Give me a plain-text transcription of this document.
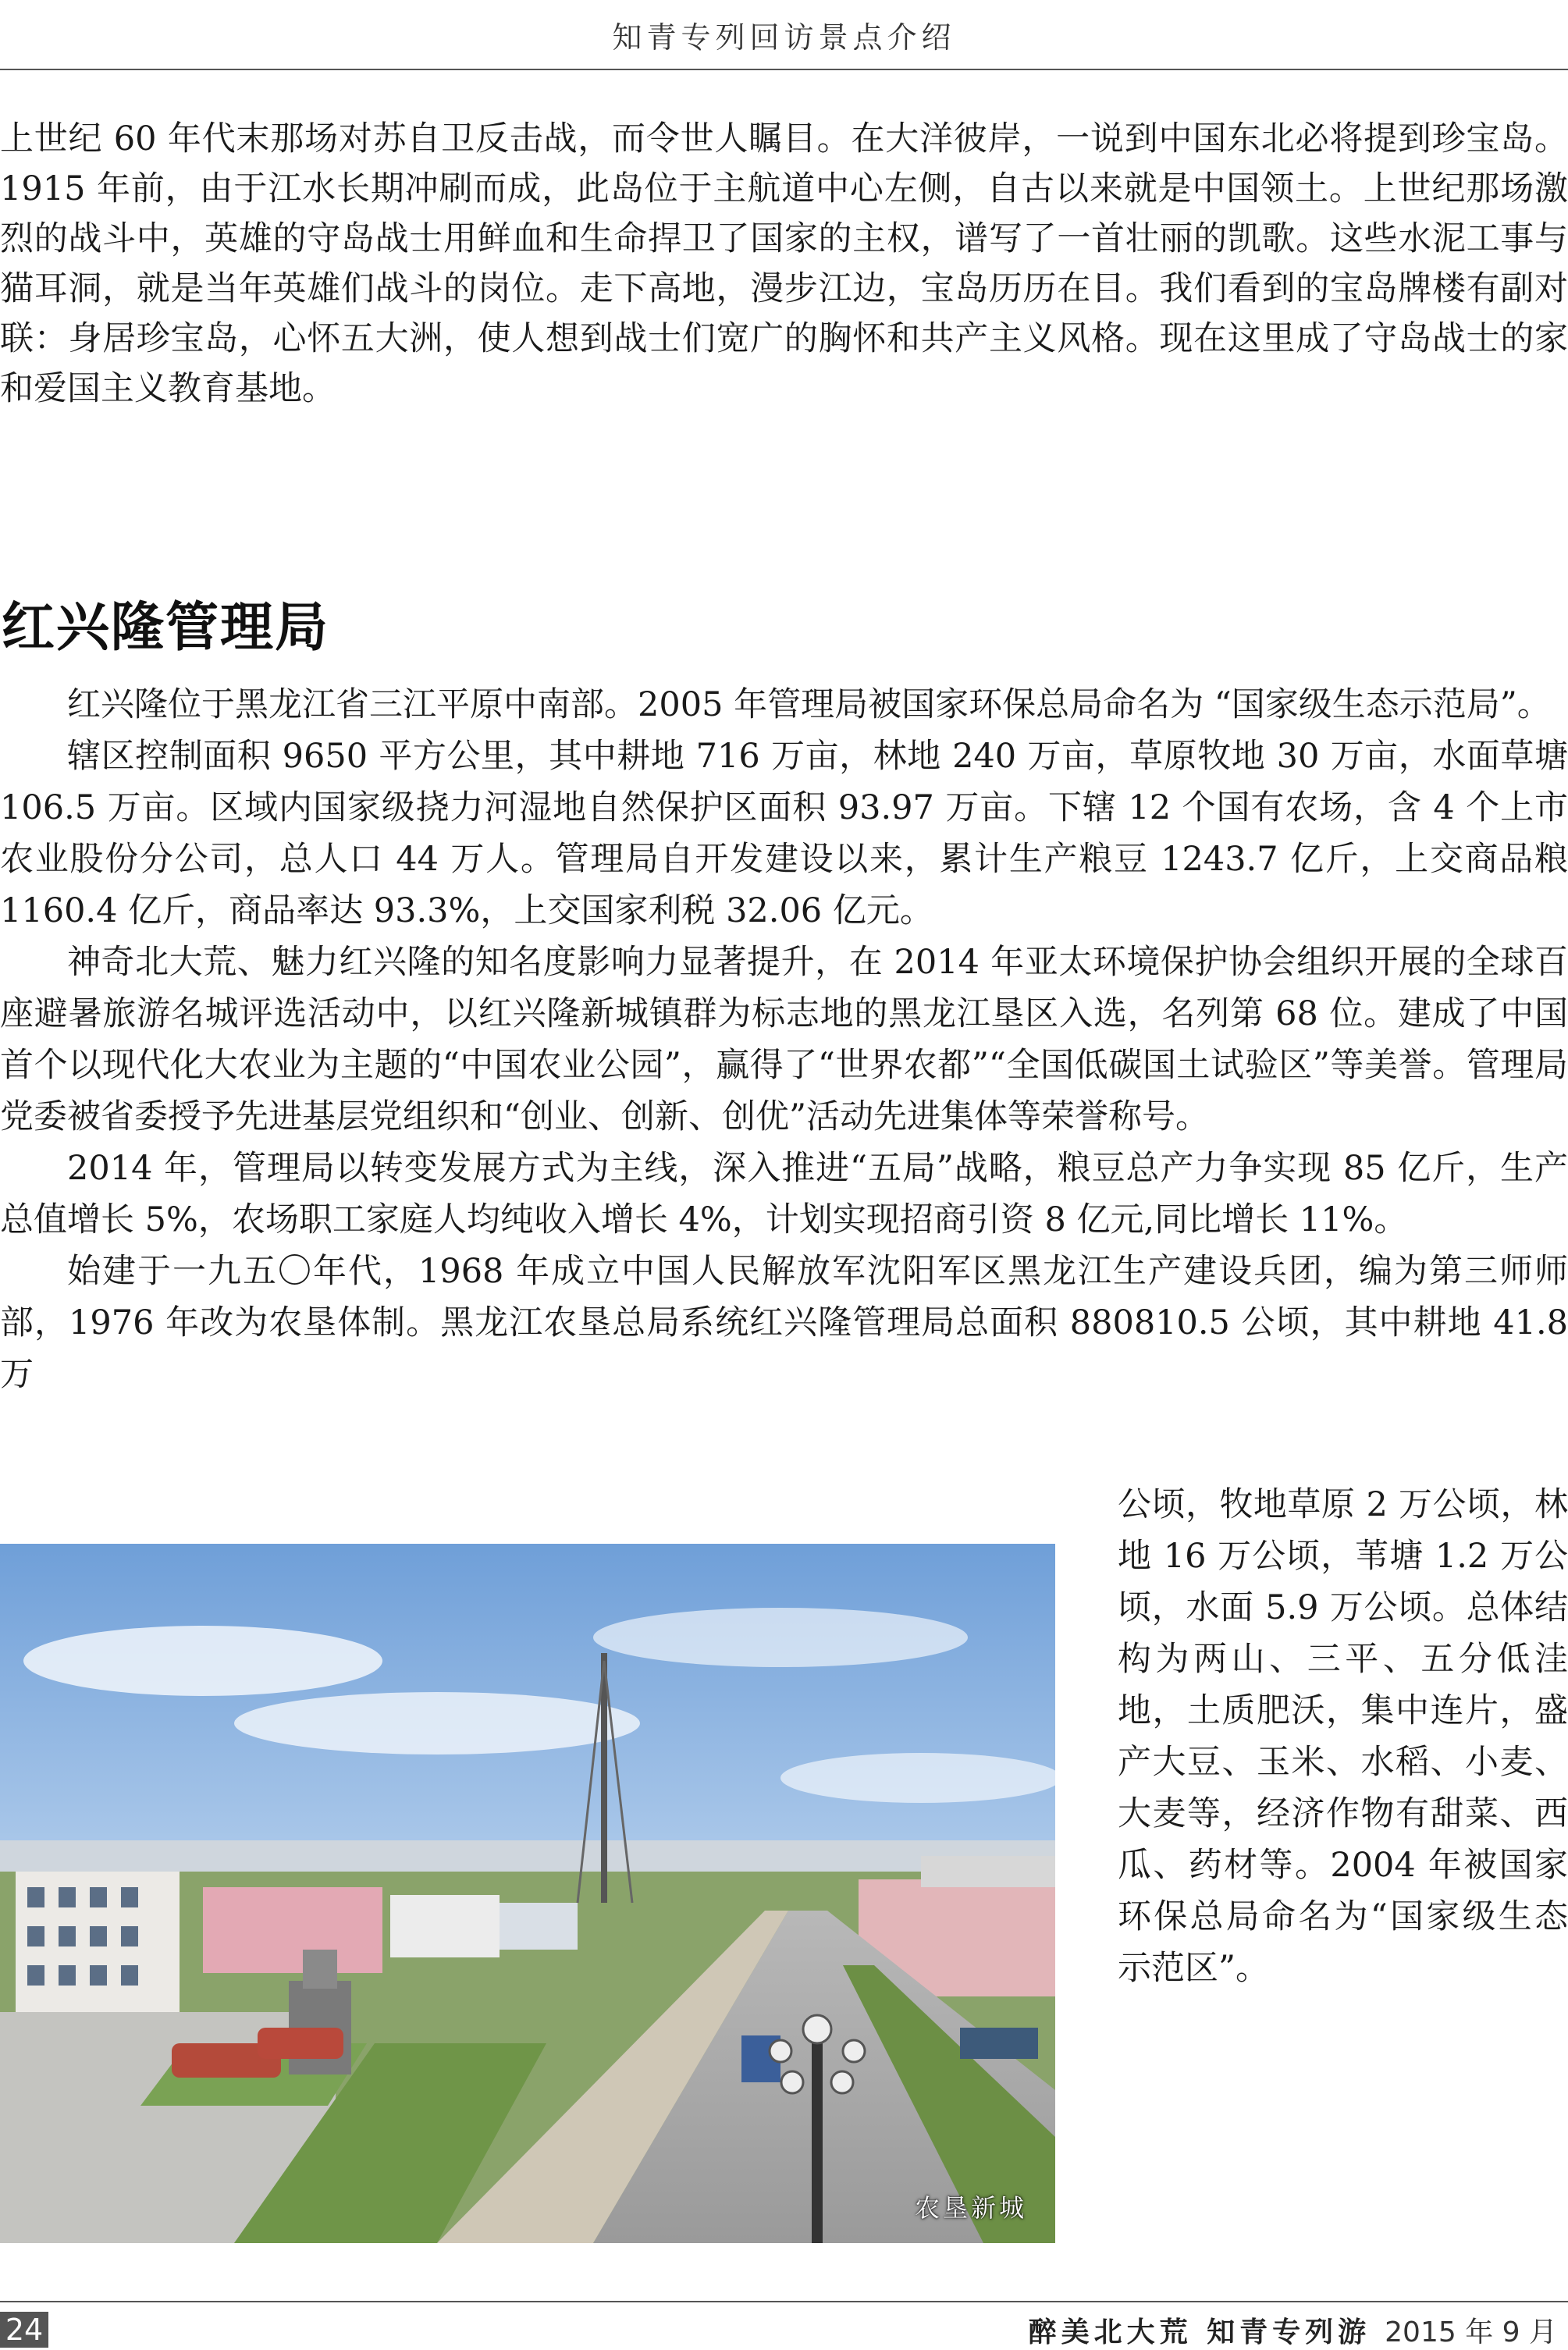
知青专列回访景点介绍

上世纪 60 年代末那场对苏自卫反击战，而令世人瞩目。在大洋彼岸，一说到中国东北必将提到珍宝岛。1915 年前，由于江水长期冲刷而成，此岛位于主航道中心左侧，自古以来就是中国领土。上世纪那场激烈的战斗中，英雄的守岛战士用鲜血和生命捍卫了国家的主权，谱写了一首壮丽的凯歌。这些水泥工事与猫耳洞，就是当年英雄们战斗的岗位。走下高地，漫步江边，宝岛历历在目。我们看到的宝岛牌楼有副对联：身居珍宝岛，心怀五大洲，使人想到战士们宽广的胸怀和共产主义风格。现在这里成了守岛战士的家和爱国主义教育基地。

红兴隆管理局

红兴隆位于黑龙江省三江平原中南部。2005 年管理局被国家环保总局命名为 “国家级生态示范局”。

辖区控制面积 9650 平方公里，其中耕地 716 万亩，林地 240 万亩，草原牧地 30 万亩，水面草塘 106.5 万亩。区域内国家级挠力河湿地自然保护区面积 93.97 万亩。下辖 12 个国有农场，含 4 个上市农业股份分公司，总人口 44 万人。管理局自开发建设以来，累计生产粮豆 1243.7 亿斤，上交商品粮 1160.4 亿斤，商品率达 93.3%，上交国家利税 32.06 亿元。

神奇北大荒、魅力红兴隆的知名度影响力显著提升，在 2014 年亚太环境保护协会组织开展的全球百座避暑旅游名城评选活动中，以红兴隆新城镇群为标志地的黑龙江垦区入选，名列第 68 位。建成了中国首个以现代化大农业为主题的“中国农业公园”，赢得了“世界农都”“全国低碳国土试验区”等美誉。管理局党委被省委授予先进基层党组织和“创业、创新、创优”活动先进集体等荣誉称号。

2014 年，管理局以转变发展方式为主线，深入推进“五局”战略，粮豆总产力争实现 85 亿斤，生产总值增长 5%，农场职工家庭人均纯收入增长 4%，计划实现招商引资 8 亿元,同比增长 11%。

始建于一九五〇年代，1968 年成立中国人民解放军沈阳军区黑龙江生产建设兵团，编为第三师师部，1976 年改为农垦体制。黑龙江农垦总局系统红兴隆管理局总面积 880810.5 公顷，其中耕地 41.8 万

公顷，牧地草原 2 万公顷，林地 16 万公顷，苇塘 1.2 万公顷，水面 5.9 万公顷。总体结构为两山、三平、五分低洼地，土质肥沃，集中连片，盛产大豆、玉米、水稻、小麦、大麦等，经济作物有甜菜、西瓜、药材等。2004 年被国家环保总局命名为“国家级生态示范区”。

农垦新城
24	醉美北大荒 知青专列游 2015 年 9 月
